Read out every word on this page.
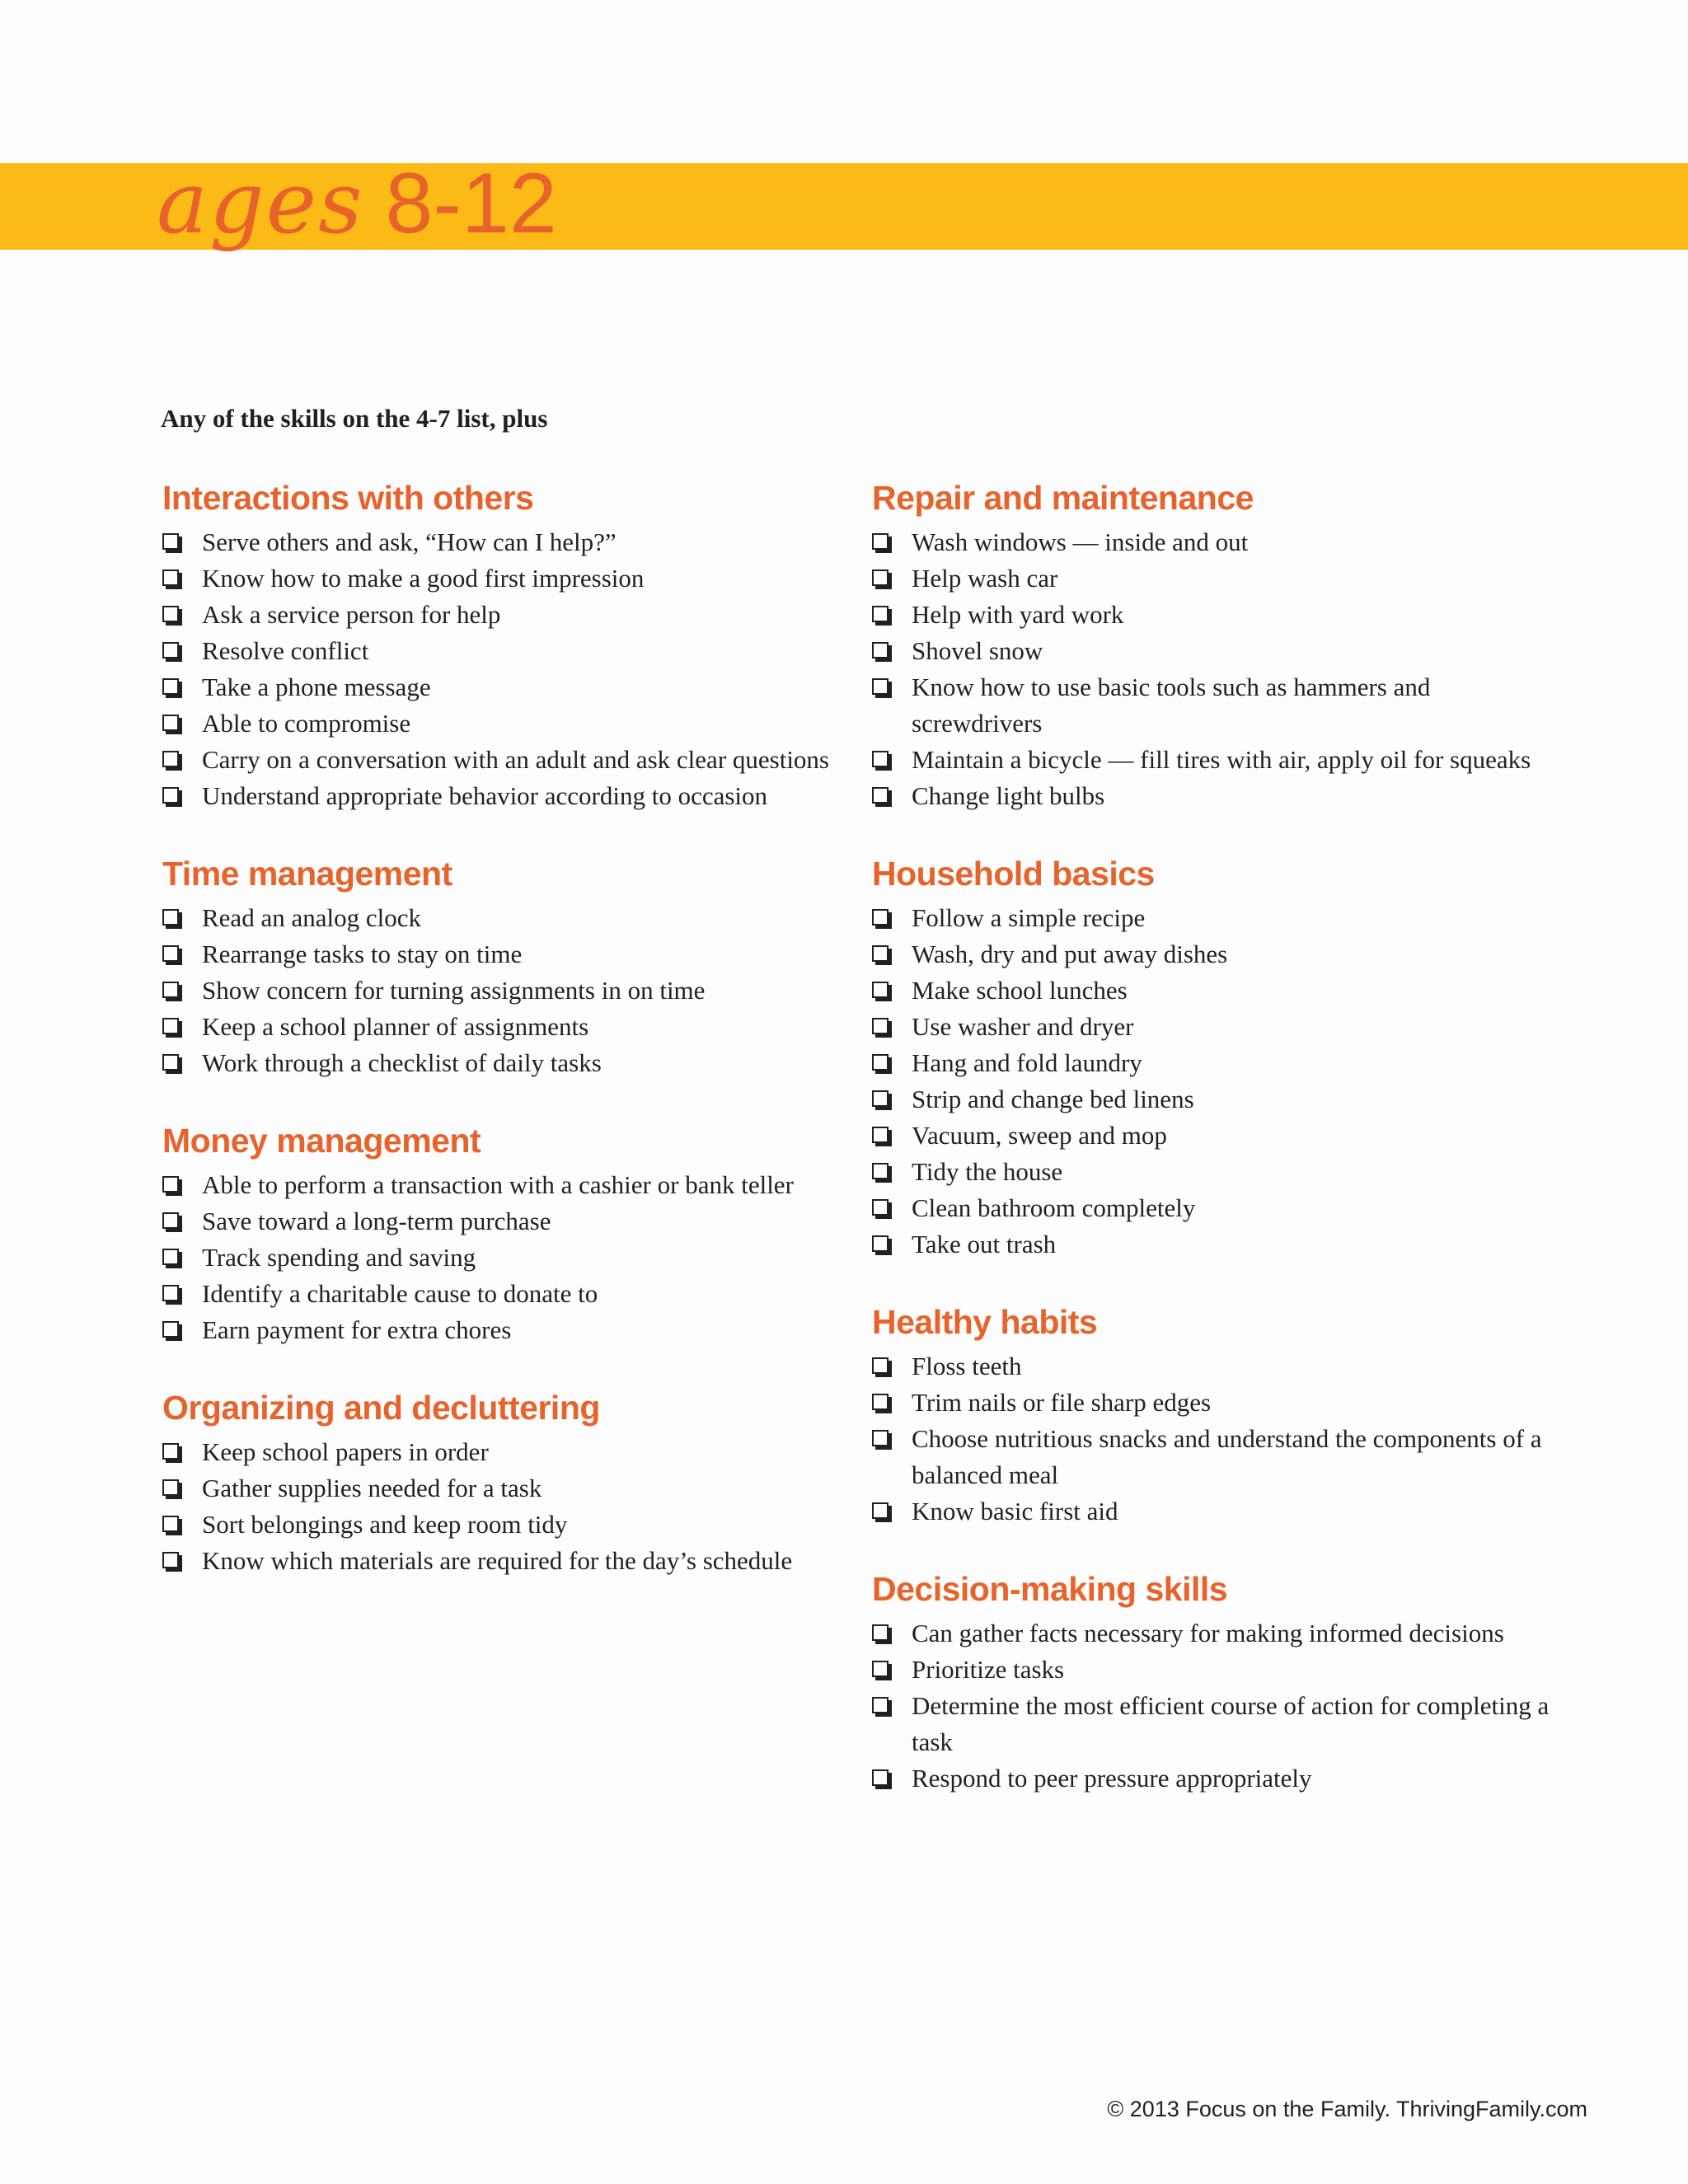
ages 8-12
Any of the skills on the 4-7 list, plus
Interactions with others
Serve others and ask, “How can I help?”
Know how to make a good first impression
Ask a service person for help
Resolve conflict
Take a phone message
Able to compromise
Carry on a conversation with an adult and ask clear questions
Understand appropriate behavior according to occasion
Time management
Read an analog clock
Rearrange tasks to stay on time
Show concern for turning assignments in on time
Keep a school planner of assignments
Work through a checklist of daily tasks
Money management
Able to perform a transaction with a cashier or bank teller
Save toward a long-term purchase
Track spending and saving
Identify a charitable cause to donate to
Earn payment for extra chores
Organizing and decluttering
Keep school papers in order
Gather supplies needed for a task
Sort belongings and keep room tidy
Know which materials are required for the day’s schedule
Repair and maintenance
Wash windows — inside and out
Help wash car
Help with yard work
Shovel snow
Know how to use basic tools such as hammers and screwdrivers
Maintain a bicycle — fill tires with air, apply oil for squeaks
Change light bulbs
Household basics
Follow a simple recipe
Wash, dry and put away dishes
Make school lunches
Use washer and dryer
Hang and fold laundry
Strip and change bed linens
Vacuum, sweep and mop
Tidy the house
Clean bathroom completely
Take out trash
Healthy habits
Floss teeth
Trim nails or file sharp edges
Choose nutritious snacks and understand the components of a balanced meal
Know basic first aid
Decision-making skills
Can gather facts necessary for making informed decisions
Prioritize tasks
Determine the most efficient course of action for completing a task
Respond to peer pressure appropriately
© 2013 Focus on the Family. ThrivingFamily.com
